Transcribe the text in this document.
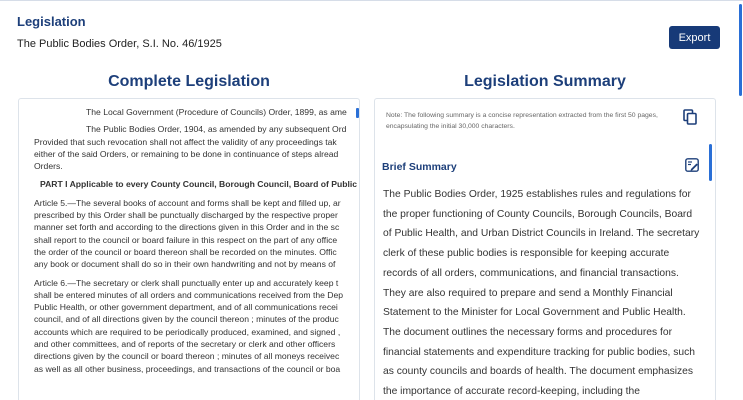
Legislation
The Public Bodies Order, S.I. No. 46/1925
Export
Complete Legislation	Legislation Summary

The Local Government (Procedure of Councils) Order, 1899, as ame

The Public Bodies Order, 1904, as amended by any subsequent Ord

Provided that such revocation shall not affect the validity of any proceedings tak

either of the said Orders, or remaining to be done in continuance of steps alread

Orders.

PART I Applicable to every County Council, Borough Council, Board of Public

Article 5.—The several books of account and forms shall be kept and filled up, ar

prescribed by this Order shall be punctually discharged by the respective proper

manner set forth and according to the directions given in this Order and in the sc

shall report to the council or board failure in this respect on the part of any office

the order of the council or board thereon shall be recorded on the minutes. Offic

any book or document shall do so in their own handwriting and not by means of

Article 6.—The secretary or clerk shall punctually enter up and accurately keep t

shall be entered minutes of all orders and communications received from the Dep

Public Health, or other government department, and of all communications recei

council, and of all directions given by the council thereon ; minutes of the produc

accounts which are required to be periodically produced, examined, and signed ,

and other committees, and of reports of the secretary or clerk and other officers

directions given by the council or board thereon ; minutes of all moneys receivec

as well as all other business, proceedings, and transactions of the council or boa

Note: The following summary is a concise representation extracted from the first 50 pages, encapsulating the initial 30,000 characters.
Brief Summary
The Public Bodies Order, 1925 establishes rules and regulations for
the proper functioning of County Councils, Borough Councils, Board
of Public Health, and Urban District Councils in Ireland. The secretary
clerk of these public bodies is responsible for keeping accurate
records of all orders, communications, and financial transactions.
They are also required to prepare and send a Monthly Financial
Statement to the Minister for Local Government and Public Health.
The document outlines the necessary forms and procedures for
financial statements and expenditure tracking for public bodies, such
as county councils and boards of health. The document emphasizes
the importance of accurate record-keeping, including the
